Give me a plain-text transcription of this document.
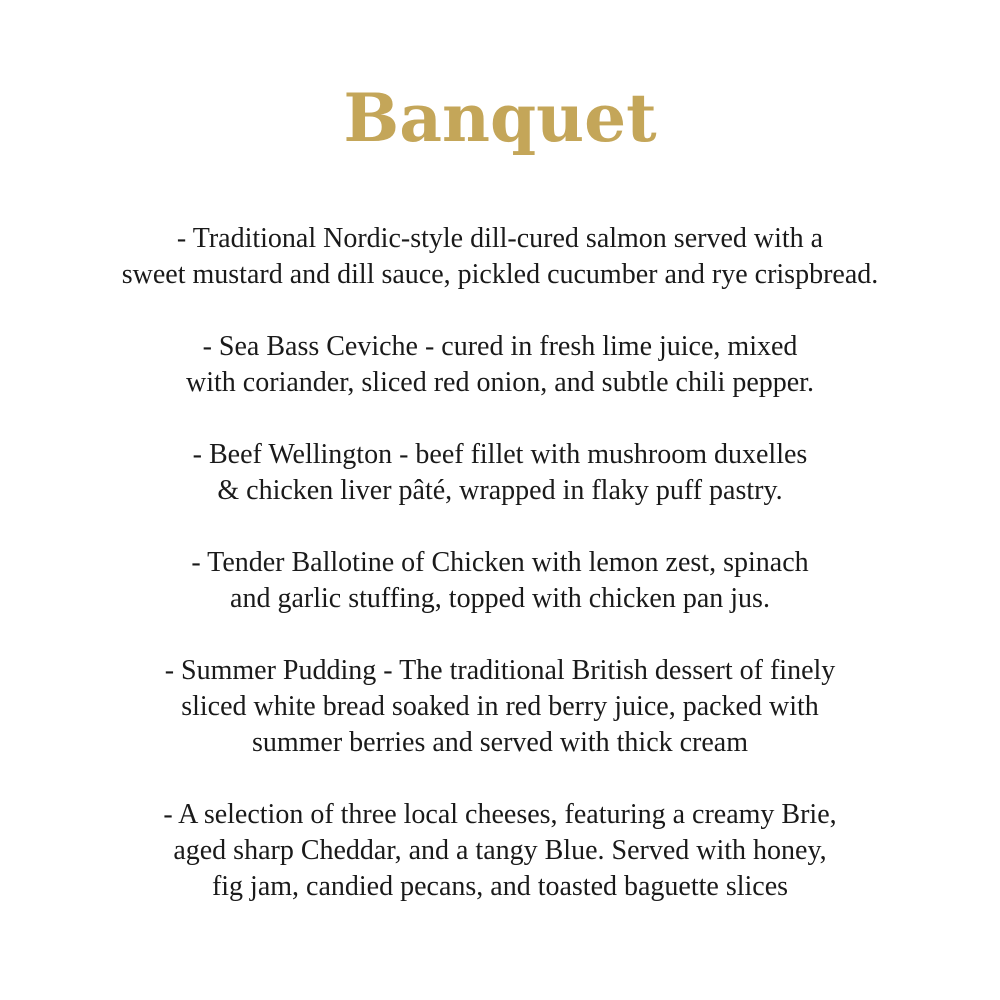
Banquet
- Traditional Nordic-style dill-cured salmon served with a
sweet mustard and dill sauce, pickled cucumber and rye crispbread.
- Sea Bass Ceviche - cured in fresh lime juice, mixed
with coriander, sliced red onion, and subtle chili pepper.
- Beef Wellington - beef fillet with mushroom duxelles
& chicken liver pâté, wrapped in flaky puff pastry.
- Tender Ballotine of Chicken with lemon zest, spinach
and garlic stuffing, topped with chicken pan jus.
- Summer Pudding - The traditional British dessert of finely
sliced white bread soaked in red berry juice, packed with
summer berries and served with thick cream
- A selection of three local cheeses, featuring a creamy Brie,
aged sharp Cheddar, and a tangy Blue. Served with honey,
fig jam, candied pecans, and toasted baguette slices
